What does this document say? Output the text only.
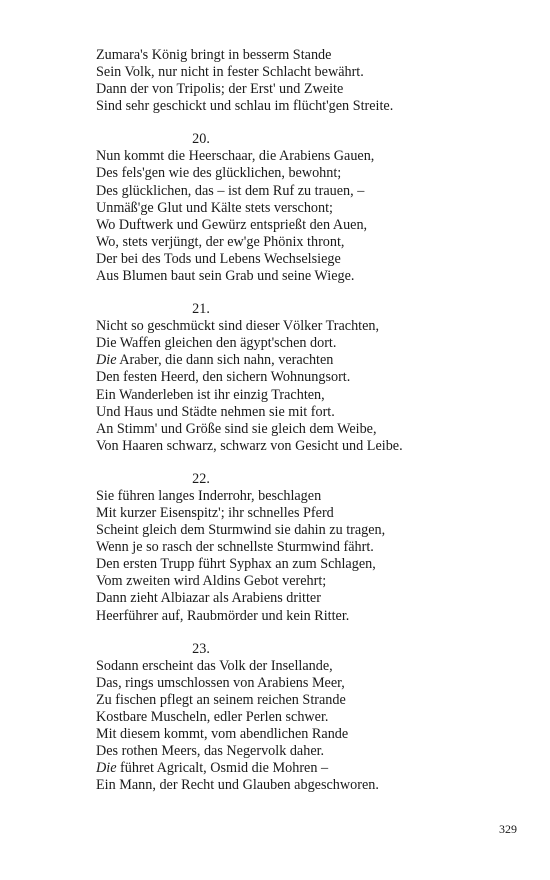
Zumara's König bringt in besserm Stande
Sein Volk, nur nicht in fester Schlacht bewährt.
Dann der von Tripolis; der Erst' und Zweite
Sind sehr geschickt und schlau im flücht'gen Streite.
20.
Nun kommt die Heerschaar, die Arabiens Gauen,
Des fels'gen wie des glücklichen, bewohnt;
Des glücklichen, das – ist dem Ruf zu trauen, –
Unmäß'ge Glut und Kälte stets verschont;
Wo Duftwerk und Gewürz entsprießt den Auen,
Wo, stets verjüngt, der ew'ge Phönix thront,
Der bei des Tods und Lebens Wechselsiege
Aus Blumen baut sein Grab und seine Wiege.
21.
Nicht so geschmückt sind dieser Völker Trachten,
Die Waffen gleichen den ägypt'schen dort.
Die Araber, die dann sich nahn, verachten
Den festen Heerd, den sichern Wohnungsort.
Ein Wanderleben ist ihr einzig Trachten,
Und Haus und Städte nehmen sie mit fort.
An Stimm' und Größe sind sie gleich dem Weibe,
Von Haaren schwarz, schwarz von Gesicht und Leibe.
22.
Sie führen langes Inderrohr, beschlagen
Mit kurzer Eisenspitz'; ihr schnelles Pferd
Scheint gleich dem Sturmwind sie dahin zu tragen,
Wenn je so rasch der schnellste Sturmwind fährt.
Den ersten Trupp führt Syphax an zum Schlagen,
Vom zweiten wird Aldins Gebot verehrt;
Dann zieht Albiazar als Arabiens dritter
Heerführer auf, Raubmörder und kein Ritter.
23.
Sodann erscheint das Volk der Insellande,
Das, rings umschlossen von Arabiens Meer,
Zu fischen pflegt an seinem reichen Strande
Kostbare Muscheln, edler Perlen schwer.
Mit diesem kommt, vom abendlichen Rande
Des rothen Meers, das Negervolk daher.
Die führet Agricalt, Osmid die Mohren –
Ein Mann, der Recht und Glauben abgeschworen.
329
